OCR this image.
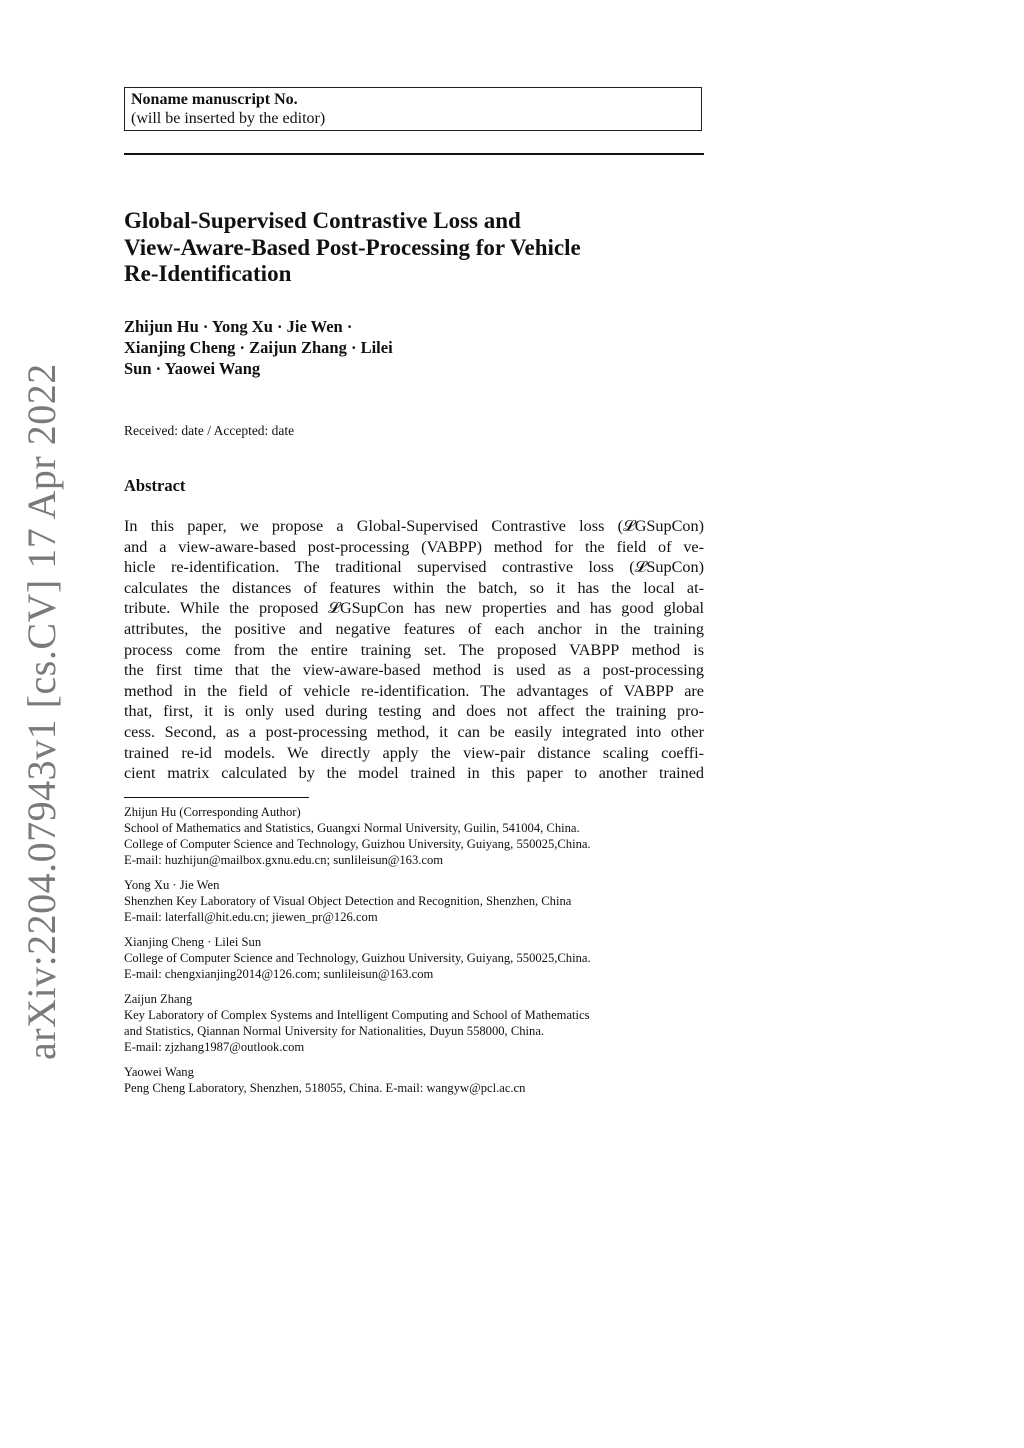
arXiv:2204.07943v1 [cs.CV] 17 Apr 2022
Noname manuscript No.
(will be inserted by the editor)
Global-Supervised Contrastive Loss and
View-Aware-Based Post-Processing for Vehicle
Re-Identification
Zhijun Hu · Yong Xu · Jie Wen ·
Xianjing Cheng · Zaijun Zhang · Lilei
Sun · Yaowei Wang
Received: date / Accepted: date
Abstract
In this paper, we propose a Global-Supervised Contrastive loss (𝓛GSupCon)
and a view-aware-based post-processing (VABPP) method for the field of ve-
hicle re-identification. The traditional supervised contrastive loss (𝓛SupCon)
calculates the distances of features within the batch, so it has the local at-
tribute. While the proposed 𝓛GSupCon has new properties and has good global
attributes, the positive and negative features of each anchor in the training
process come from the entire training set. The proposed VABPP method is
the first time that the view-aware-based method is used as a post-processing
method in the field of vehicle re-identification. The advantages of VABPP are
that, first, it is only used during testing and does not affect the training pro-
cess. Second, as a post-processing method, it can be easily integrated into other
trained re-id models. We directly apply the view-pair distance scaling coeffi-
cient matrix calculated by the model trained in this paper to another trained
Zhijun Hu (Corresponding Author)
School of Mathematics and Statistics, Guangxi Normal University, Guilin, 541004, China.
College of Computer Science and Technology, Guizhou University, Guiyang, 550025,China.
E-mail: huzhijun@mailbox.gxnu.edu.cn; sunlileisun@163.com
Yong Xu · Jie Wen
Shenzhen Key Laboratory of Visual Object Detection and Recognition, Shenzhen, China
E-mail: laterfall@hit.edu.cn; jiewen_pr@126.com
Xianjing Cheng · Lilei Sun
College of Computer Science and Technology, Guizhou University, Guiyang, 550025,China.
E-mail: chengxianjing2014@126.com; sunlileisun@163.com
Zaijun Zhang
Key Laboratory of Complex Systems and Intelligent Computing and School of Mathematics
and Statistics, Qiannan Normal University for Nationalities, Duyun 558000, China.
E-mail: zjzhang1987@outlook.com
Yaowei Wang
Peng Cheng Laboratory, Shenzhen, 518055, China. E-mail: wangyw@pcl.ac.cn
